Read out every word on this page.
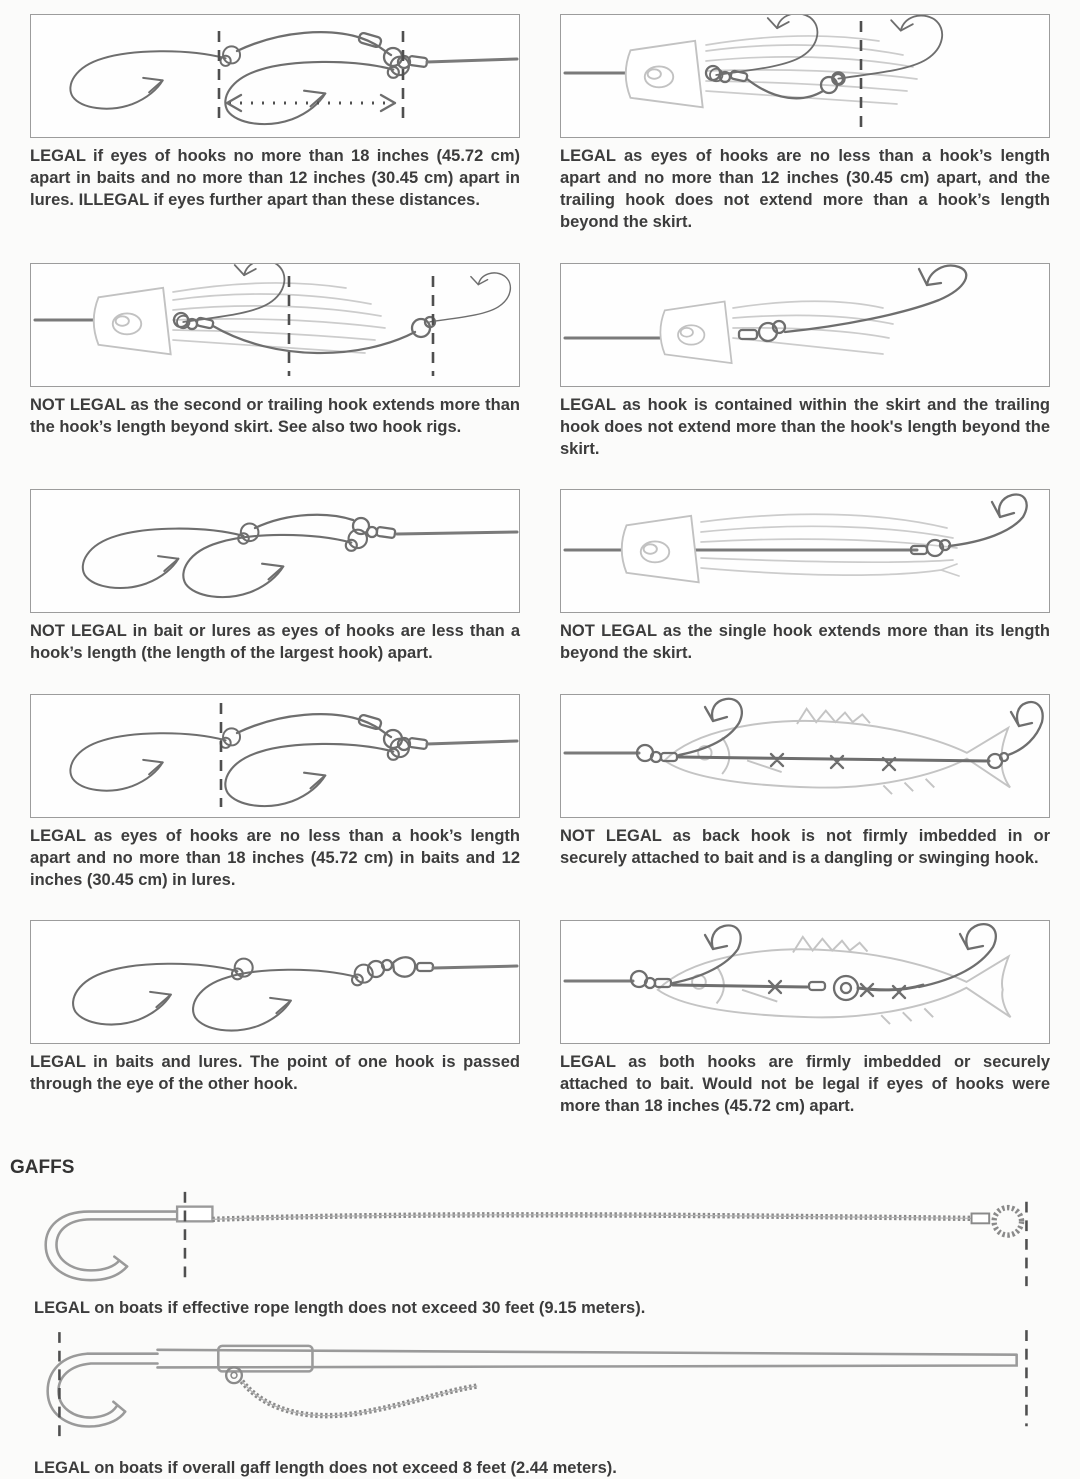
LEGAL if eyes of hooks no more than 18 inches (45.72 cm) apart in baits and no more than 12 inches (30.45 cm) apart in lures. ILLEGAL if eyes further apart than these distances.

LEGAL as eyes of hooks are no less than a hook’s length apart and no more than 12 inches (30.45 cm) apart, and the trailing hook does not extend more than a hook’s length beyond the skirt.

NOT LEGAL as the second or trailing hook extends more than the hook’s length beyond skirt. See also two hook rigs.

LEGAL as hook is contained within the skirt and the trailing hook does not extend more than the hook's length beyond the skirt.

NOT LEGAL in bait or lures as eyes of hooks are less than a hook’s length (the length of the largest hook) apart.

NOT LEGAL as the single hook extends more than its length beyond the skirt.

LEGAL as eyes of hooks are no less than a hook’s length apart and no more than 18 inches (45.72 cm) in baits and 12 inches (30.45 cm) in lures.

NOT LEGAL as back hook is not firmly imbedded in or securely attached to bait and is a dangling or swinging hook.

LEGAL in baits and lures. The point of one hook is passed through the eye of the other hook.

LEGAL as both hooks are firmly imbedded or securely attached to bait. Would not be legal if eyes of hooks were more than 18 inches (45.72 cm) apart.

GAFFS

LEGAL on boats if effective rope length does not exceed 30 feet (9.15 meters).

LEGAL on boats if overall gaff length does not exceed 8 feet (2.44 meters).
